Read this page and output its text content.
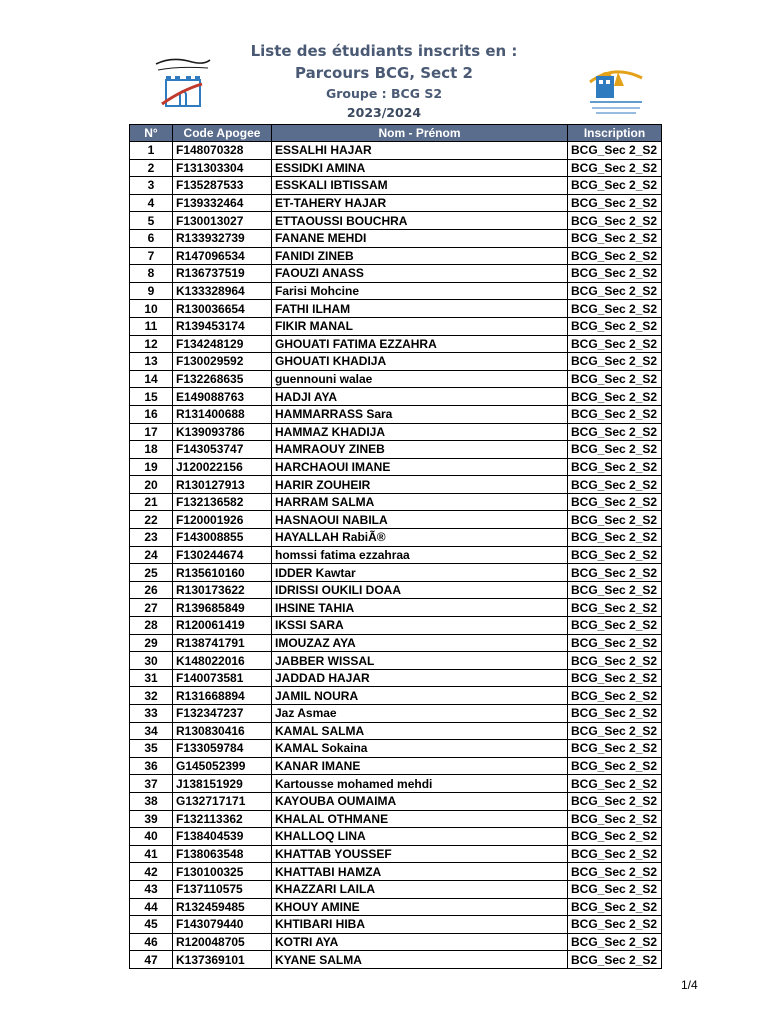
Liste des étudiants inscrits en :
Parcours BCG, Sect 2
Groupe : BCG S2
2023/2024
N°	Code Apogee	Nom - Prénom	Inscription
1	F148070328	ESSALHI HAJAR	BCG_Sec 2_S2
2	F131303304	ESSIDKI AMINA	BCG_Sec 2_S2
3	F135287533	ESSKALI IBTISSAM	BCG_Sec 2_S2
4	F139332464	ET-TAHERY HAJAR	BCG_Sec 2_S2
5	F130013027	ETTAOUSSI BOUCHRA	BCG_Sec 2_S2
6	R133932739	FANANE MEHDI	BCG_Sec 2_S2
7	R147096534	FANIDI ZINEB	BCG_Sec 2_S2
8	R136737519	FAOUZI ANASS	BCG_Sec 2_S2
9	K133328964	Farisi Mohcine	BCG_Sec 2_S2
10	R130036654	FATHI ILHAM	BCG_Sec 2_S2
11	R139453174	FIKIR MANAL	BCG_Sec 2_S2
12	F134248129	GHOUATI FATIMA EZZAHRA	BCG_Sec 2_S2
13	F130029592	GHOUATI KHADIJA	BCG_Sec 2_S2
14	F132268635	guennouni walae	BCG_Sec 2_S2
15	E149088763	HADJI AYA	BCG_Sec 2_S2
16	R131400688	HAMMARRASS Sara	BCG_Sec 2_S2
17	K139093786	HAMMAZ KHADIJA	BCG_Sec 2_S2
18	F143053747	HAMRAOUY ZINEB	BCG_Sec 2_S2
19	J120022156	HARCHAOUI IMANE	BCG_Sec 2_S2
20	R130127913	HARIR ZOUHEIR	BCG_Sec 2_S2
21	F132136582	HARRAM SALMA	BCG_Sec 2_S2
22	F120001926	HASNAOUI NABILA	BCG_Sec 2_S2
23	F143008855	HAYALLAH RabiÃ®	BCG_Sec 2_S2
24	F130244674	homssi fatima ezzahraa	BCG_Sec 2_S2
25	R135610160	IDDER Kawtar	BCG_Sec 2_S2
26	R130173622	IDRISSI OUKILI DOAA	BCG_Sec 2_S2
27	R139685849	IHSINE TAHIA	BCG_Sec 2_S2
28	R120061419	IKSSI SARA	BCG_Sec 2_S2
29	R138741791	IMOUZAZ AYA	BCG_Sec 2_S2
30	K148022016	JABBER WISSAL	BCG_Sec 2_S2
31	F140073581	JADDAD HAJAR	BCG_Sec 2_S2
32	R131668894	JAMIL NOURA	BCG_Sec 2_S2
33	F132347237	Jaz Asmae	BCG_Sec 2_S2
34	R130830416	KAMAL SALMA	BCG_Sec 2_S2
35	F133059784	KAMAL Sokaina	BCG_Sec 2_S2
36	G145052399	KANAR IMANE	BCG_Sec 2_S2
37	J138151929	Kartousse mohamed mehdi	BCG_Sec 2_S2
38	G132717171	KAYOUBA OUMAIMA	BCG_Sec 2_S2
39	F132113362	KHALAL OTHMANE	BCG_Sec 2_S2
40	F138404539	KHALLOQ LINA	BCG_Sec 2_S2
41	F138063548	KHATTAB YOUSSEF	BCG_Sec 2_S2
42	F130100325	KHATTABI HAMZA	BCG_Sec 2_S2
43	F137110575	KHAZZARI LAILA	BCG_Sec 2_S2
44	R132459485	KHOUY AMINE	BCG_Sec 2_S2
45	F143079440	KHTIBARI HIBA	BCG_Sec 2_S2
46	R120048705	KOTRI AYA	BCG_Sec 2_S2
47	K137369101	KYANE SALMA	BCG_Sec 2_S2
1/4
